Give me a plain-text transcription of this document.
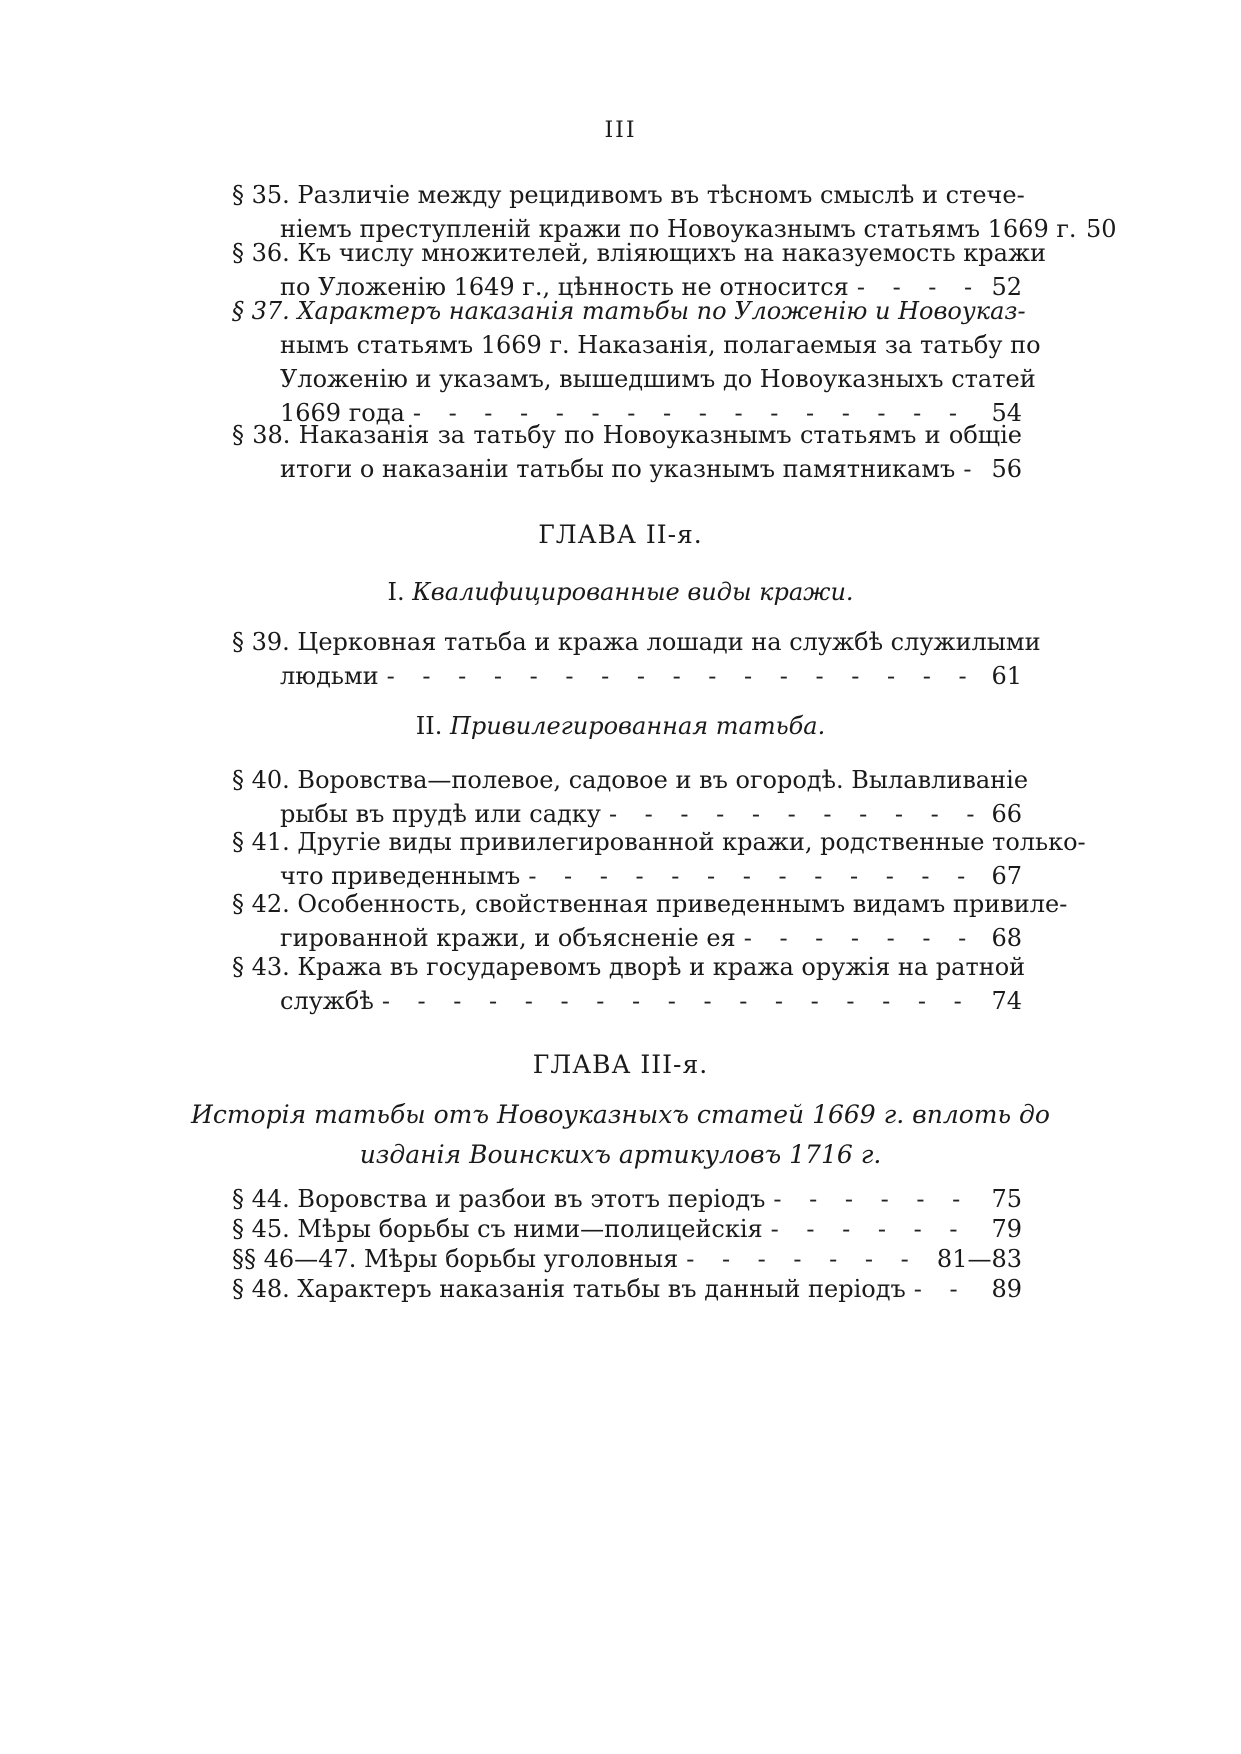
III
§ 35. Различіе между рецидивомъ въ тѣсномъ смыслѣ и стече-
ніемъ преступленій кражи по Новоуказнымъ статьямъ 1669 г. 50
§ 36. Къ числу множителей, вліяющихъ на наказуемость кражи
по Уложенію 1649 г., цѣнность не относится - - -	52
§ 37. Характеръ наказанія татьбы по Уложенію и Новоуказ-
нымъ статьямъ 1669 г. Наказанія, полагаемыя за татьбу по
Уложенію и указамъ, вышедшимъ до Новоуказныхъ статей
1669 года - - -	54
§ 38. Наказанія за татьбу по Новоуказнымъ статьямъ и общіе
итоги о наказаніи татьбы по указнымъ памятникамъ - - -	56
ГЛАВА II-я.
I. Квалифицированные виды кражи.
§ 39. Церковная татьба и кража лошади на службѣ служилыми
людьми - - -	61
II. Привилегированная татьба.
§ 40. Воровства—полевое, садовое и въ огородѣ. Вылавливаніе
рыбы въ прудѣ или садку - - -	66
§ 41. Другіе виды привилегированной кражи, родственные только-
что приведеннымъ - - -	67
§ 42. Особенность, свойственная приведеннымъ видамъ привиле-
гированной кражи, и объясненіе ея - - -	68
§ 43. Кража въ государевомъ дворѣ и кража оружія на ратной
службѣ - - -	74
ГЛАВА III-я.
Исторія татьбы отъ Новоуказныхъ статей 1669 г. вплоть до
изданія Воинскихъ артикуловъ 1716 г.
§ 44. Воровства и разбои въ этотъ періодъ - - -	75
§ 45. Мѣры борьбы съ ними—полицейскія - - -	79
§§ 46—47. Мѣры борьбы уголовныя - - -	81—83
§ 48. Характеръ наказанія татьбы въ данный періодъ - - -	89
